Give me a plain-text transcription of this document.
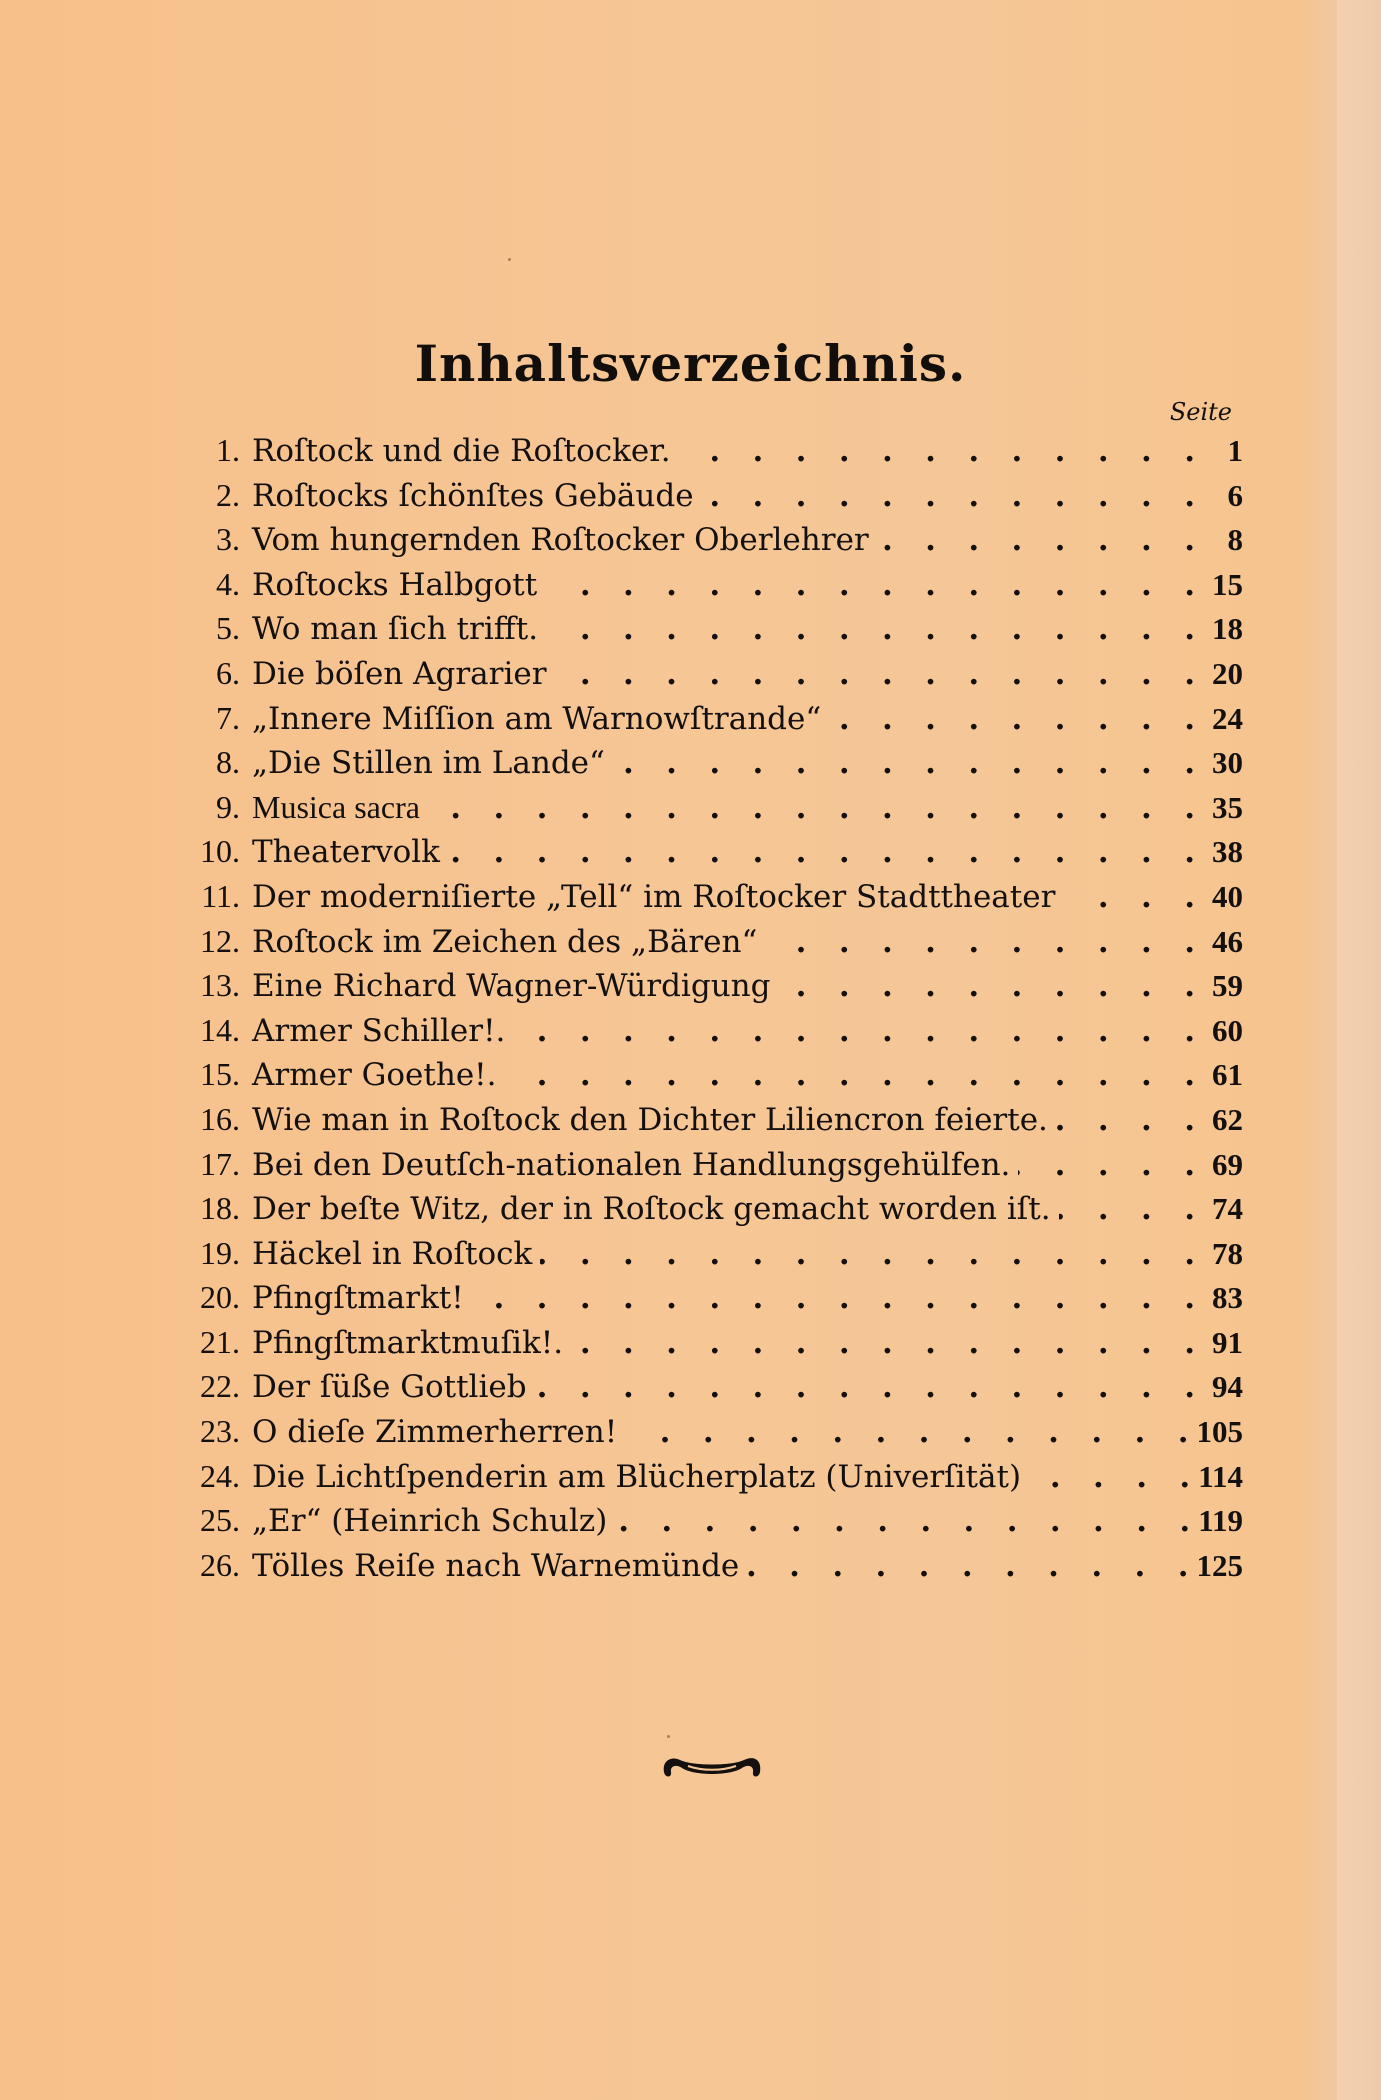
Inhaltsverzeichnis.
Seite
1. Roſtock und die Roſtocker. . .	1
2. Roſtocks ſchönſtes Gebäude . .	6
3. Vom hungernden Roſtocker Oberlehrer . .	8
4. Roſtocks Halbgott . .	15
5. Wo man ſich trifft. . .	18
6. Die böſen Agrarier . .	20
7. „Innere Miſſion am Warnowſtrande“ . .	24
8. „Die Stillen im Lande“ . .	30
9. Musica sacra . .	35
10. Theatervolk . .	38
11. Der moderniſierte „Tell“ im Roſtocker Stadttheater . .	40
12. Roſtock im Zeichen des „Bären“ . .	46
13. Eine Richard Wagner-Würdigung . .	59
14. Armer Schiller!. . .	60
15. Armer Goethe!. . .	61
16. Wie man in Roſtock den Dichter Liliencron feierte. . .	62
17. Bei den Deutſch-nationalen Handlungsgehülfen. . .	69
18. Der beſte Witz, der in Roſtock gemacht worden iſt. . .	74
19. Häckel in Roſtock . .	78
20. Pfingſtmarkt! . .	83
21. Pfingſtmarktmuſik!. . .	91
22. Der ſüße Gottlieb . .	94
23. O dieſe Zimmerherren! . .	105
24. Die Lichtſpenderin am Blücherplatz (Univerſität) . .	114
25. „Er“ (Heinrich Schulz) . .	119
26. Tölles Reiſe nach Warnemünde . .	125
